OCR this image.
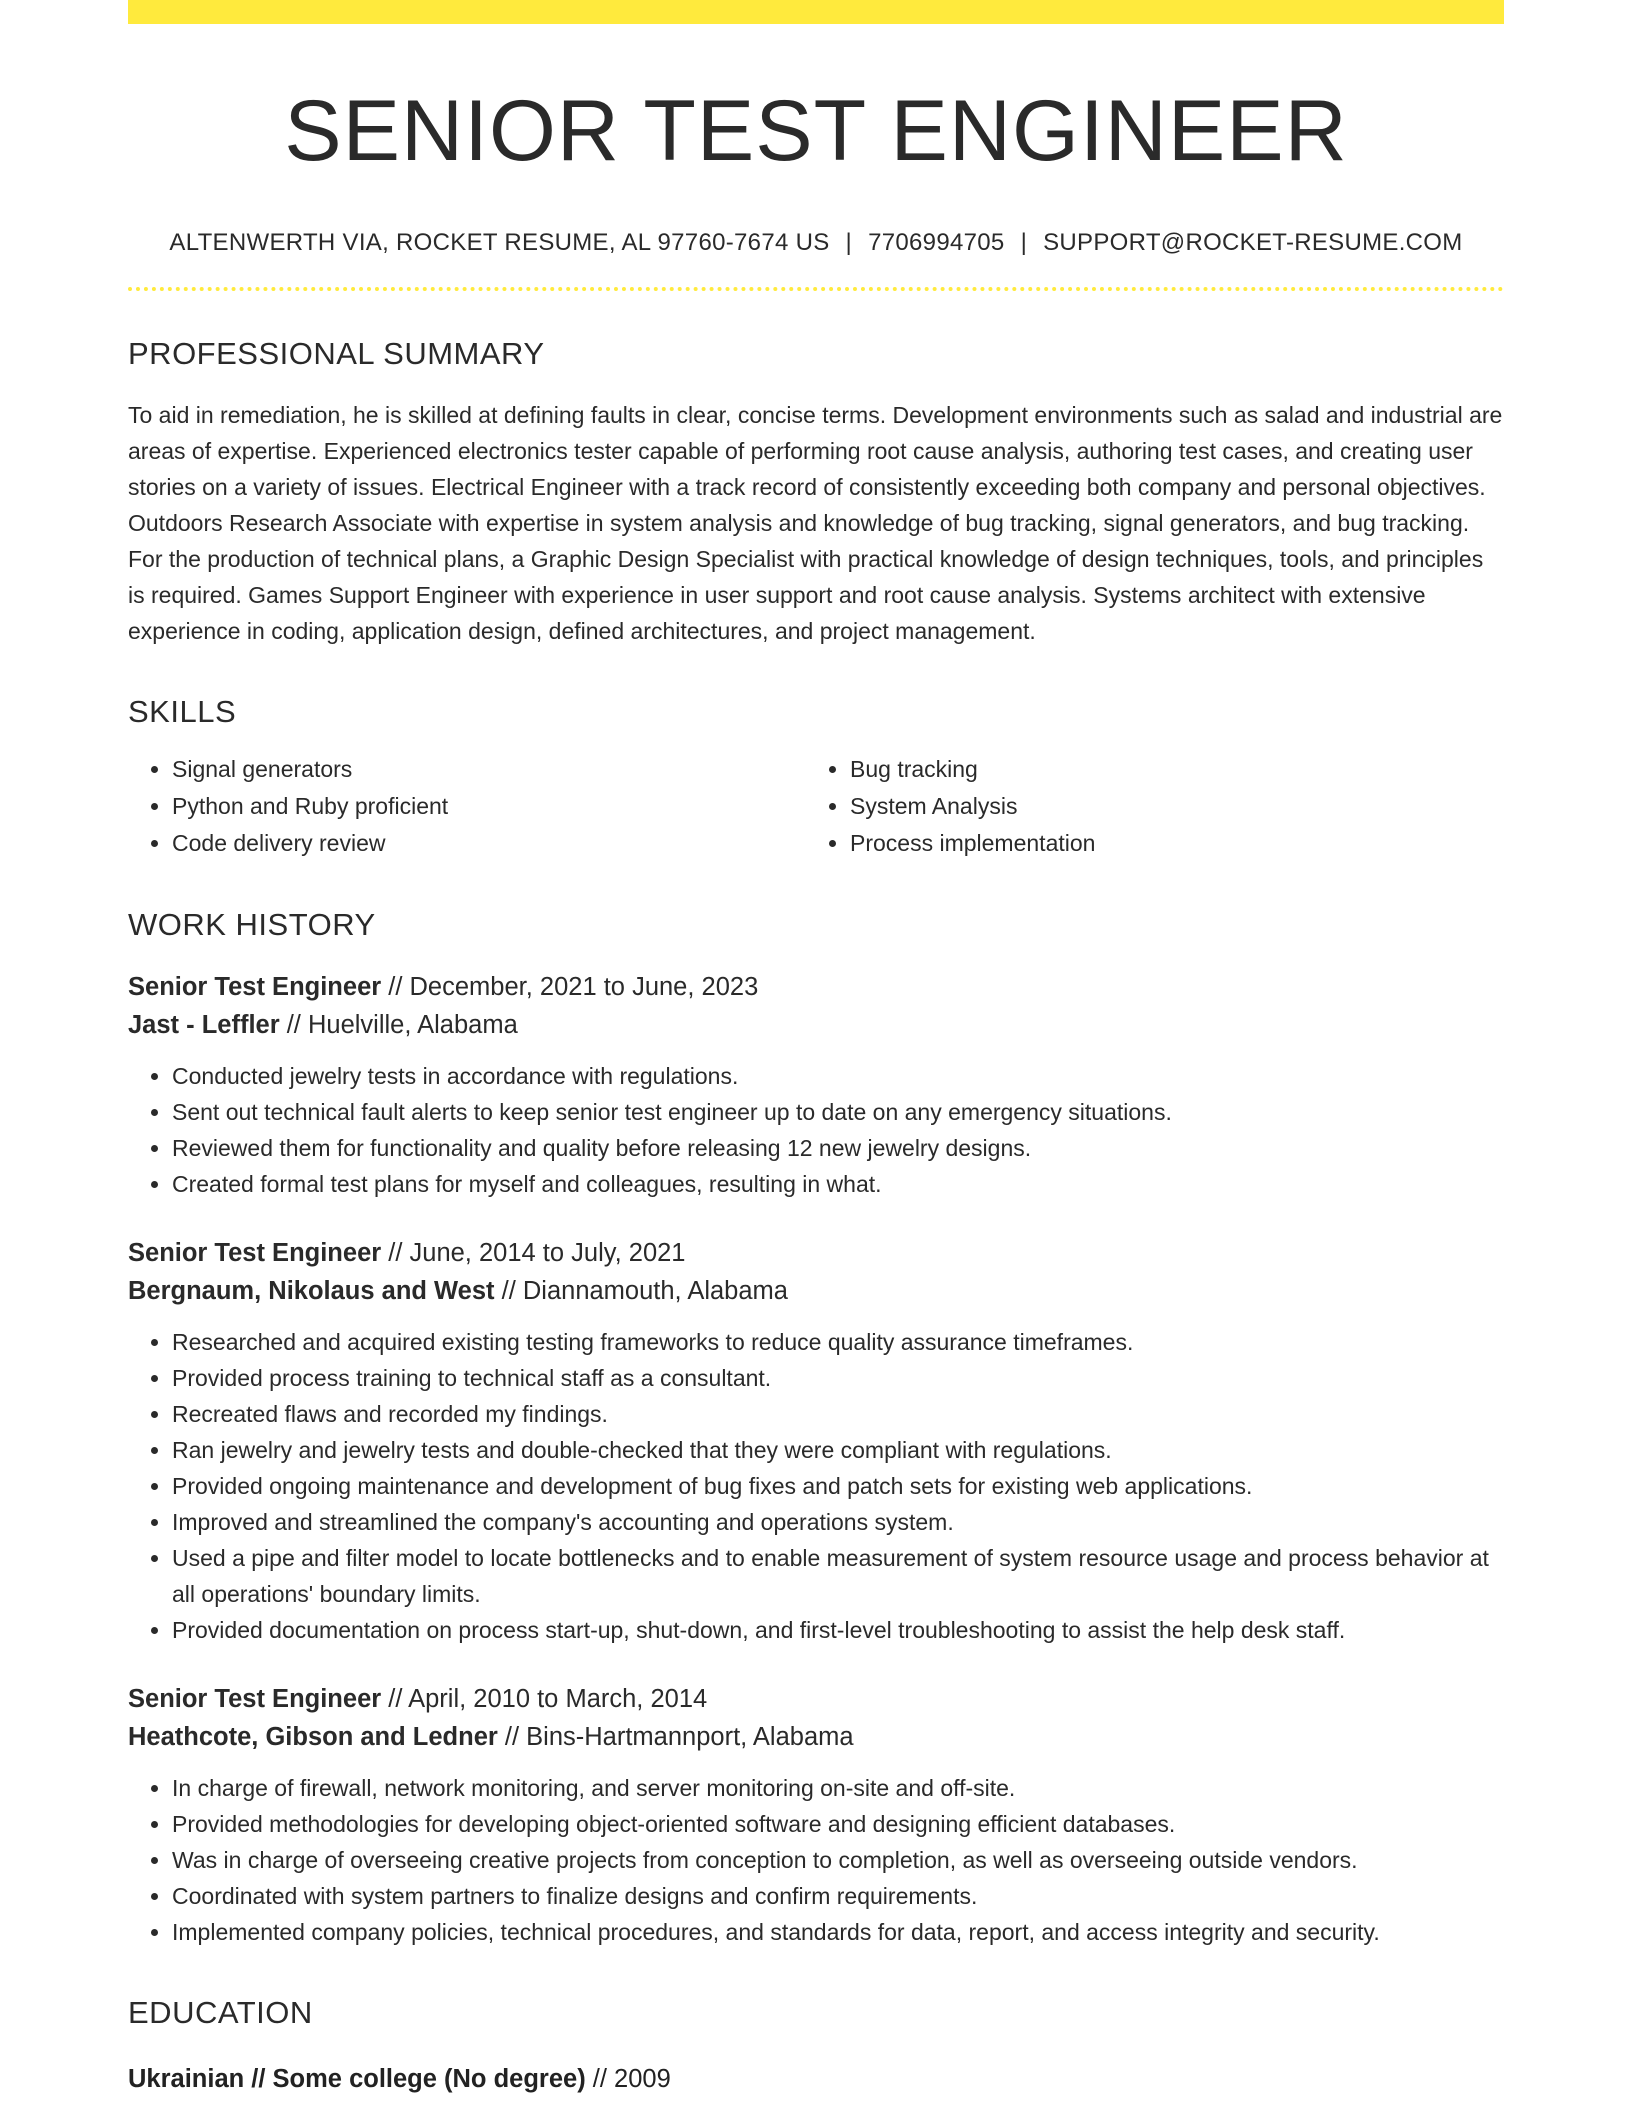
SENIOR TEST ENGINEER
ALTENWERTH VIA, ROCKET RESUME, AL 97760-7674 US | 7706994705 | SUPPORT@ROCKET-RESUME.COM
PROFESSIONAL SUMMARY
To aid in remediation, he is skilled at defining faults in clear, concise terms. Development environments such as salad and industrial are areas of expertise. Experienced electronics tester capable of performing root cause analysis, authoring test cases, and creating user stories on a variety of issues. Electrical Engineer with a track record of consistently exceeding both company and personal objectives. Outdoors Research Associate with expertise in system analysis and knowledge of bug tracking, signal generators, and bug tracking. For the production of technical plans, a Graphic Design Specialist with practical knowledge of design techniques, tools, and principles is required. Games Support Engineer with experience in user support and root cause analysis. Systems architect with extensive experience in coding, application design, defined architectures, and project management.
SKILLS
• Signal generators
• Python and Ruby proficient
• Code delivery review
• Bug tracking
• System Analysis
• Process implementation
WORK HISTORY
Senior Test Engineer // December, 2021 to June, 2023
Jast - Leffler // Huelville, Alabama
• Conducted jewelry tests in accordance with regulations.
• Sent out technical fault alerts to keep senior test engineer up to date on any emergency situations.
• Reviewed them for functionality and quality before releasing 12 new jewelry designs.
• Created formal test plans for myself and colleagues, resulting in what.
Senior Test Engineer // June, 2014 to July, 2021
Bergnaum, Nikolaus and West // Diannamouth, Alabama
• Researched and acquired existing testing frameworks to reduce quality assurance timeframes.
• Provided process training to technical staff as a consultant.
• Recreated flaws and recorded my findings.
• Ran jewelry and jewelry tests and double-checked that they were compliant with regulations.
• Provided ongoing maintenance and development of bug fixes and patch sets for existing web applications.
• Improved and streamlined the company's accounting and operations system.
• Used a pipe and filter model to locate bottlenecks and to enable measurement of system resource usage and process behavior at all operations' boundary limits.
• Provided documentation on process start-up, shut-down, and first-level troubleshooting to assist the help desk staff.
Senior Test Engineer // April, 2010 to March, 2014
Heathcote, Gibson and Ledner // Bins-Hartmannport, Alabama
• In charge of firewall, network monitoring, and server monitoring on-site and off-site.
• Provided methodologies for developing object-oriented software and designing efficient databases.
• Was in charge of overseeing creative projects from conception to completion, as well as overseeing outside vendors.
• Coordinated with system partners to finalize designs and confirm requirements.
• Implemented company policies, technical procedures, and standards for data, report, and access integrity and security.
EDUCATION
Ukrainian // Some college (No degree) // 2009
